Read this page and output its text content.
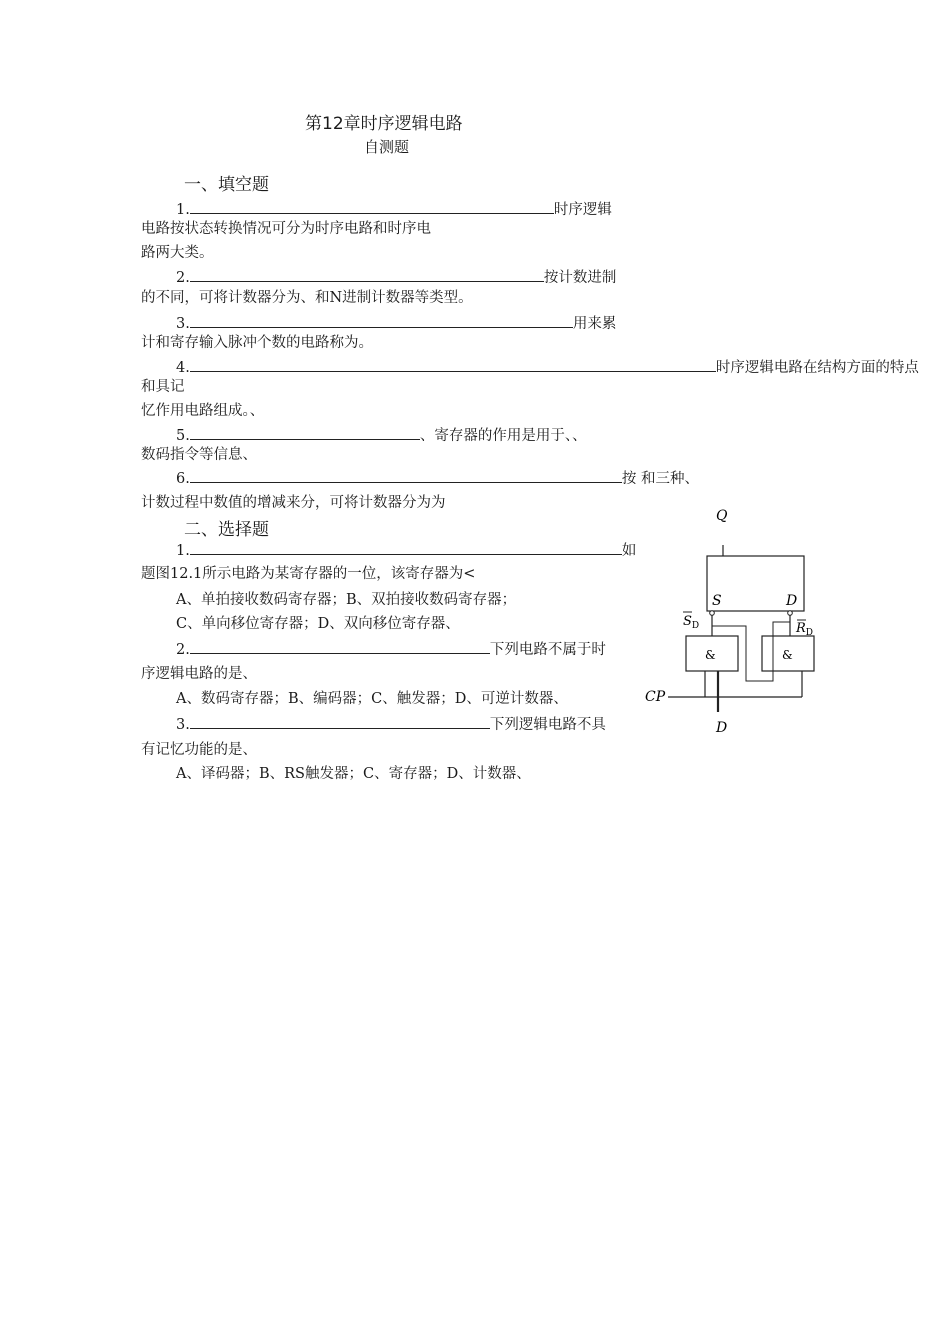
第12章时序逻辑电路
自测题
一、填空题
1.	时序逻辑
电路按状态转换情况可分为时序电路和时序电
路两大类。
2.	按计数进制
的不同，可将计数器分为、和N进制计数器等类型。
3.	用来累
计和寄存输入脉冲个数的电路称为。
4.	时序逻辑电路在结构方面的特点
和具记
忆作用电路组成。、
5.	、寄存器的作用是用于、、
数码指令等信息、
6.	按 和三种、
计数过程中数值的增减来分，可将计数器分为为
二、选择题
1.	如
题图12.1所示电路为某寄存器的一位，该寄存器为<
A、单拍接收数码寄存器；B、双拍接收数码寄存器；
C、单向移位寄存器；D、双向移位寄存器、
2.	下列电路不属于时
序逻辑电路的是、
A、数码寄存器；B、编码器；C、触发器；D、可逆计数器、
3.	下列逻辑电路不具
有记忆功能的是、
A、译码器；B、RS触发器；C、寄存器；D、计数器、
Q
S	D
$S_D$	$R_D$
&	&
CP
D
